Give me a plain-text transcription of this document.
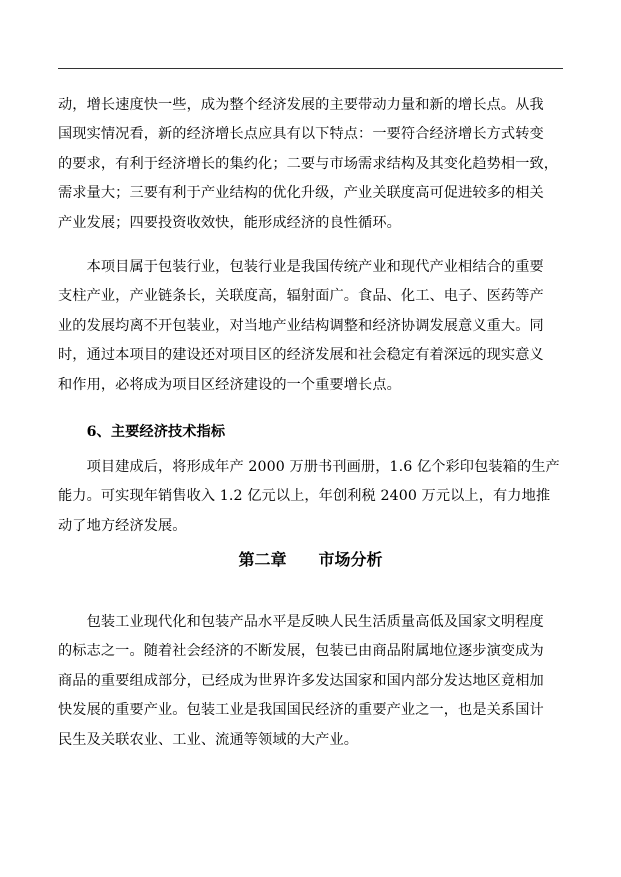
动，增长速度快一些，成为整个经济发展的主要带动力量和新的增长点。从我
国现实情况看，新的经济增长点应具有以下特点：一要符合经济增长方式转变
的要求，有利于经济增长的集约化；二要与市场需求结构及其变化趋势相一致，
需求量大；三要有利于产业结构的优化升级，产业关联度高可促进较多的相关
产业发展；四要投资收效快，能形成经济的良性循环。
　　本项目属于包装行业，包装行业是我国传统产业和现代产业相结合的重要
支柱产业，产业链条长，关联度高，辐射面广。食品、化工、电子、医药等产
业的发展均离不开包装业，对当地产业结构调整和经济协调发展意义重大。同
时，通过本项目的建设还对项目区的经济发展和社会稳定有着深远的现实意义
和作用，必将成为项目区经济建设的一个重要增长点。
　　6、主要经济技术指标
　　项目建成后，将形成年产 2000 万册书刊画册，1.6 亿个彩印包装箱的生产
能力。可实现年销售收入 1.2 亿元以上，年创利税 2400 万元以上，有力地推
动了地方经济发展。
第二章　　市场分析
　　包装工业现代化和包装产品水平是反映人民生活质量高低及国家文明程度
的标志之一。随着社会经济的不断发展，包装已由商品附属地位逐步演变成为
商品的重要组成部分，已经成为世界许多发达国家和国内部分发达地区竟相加
快发展的重要产业。包装工业是我国国民经济的重要产业之一，也是关系国计
民生及关联农业、工业、流通等领域的大产业。
